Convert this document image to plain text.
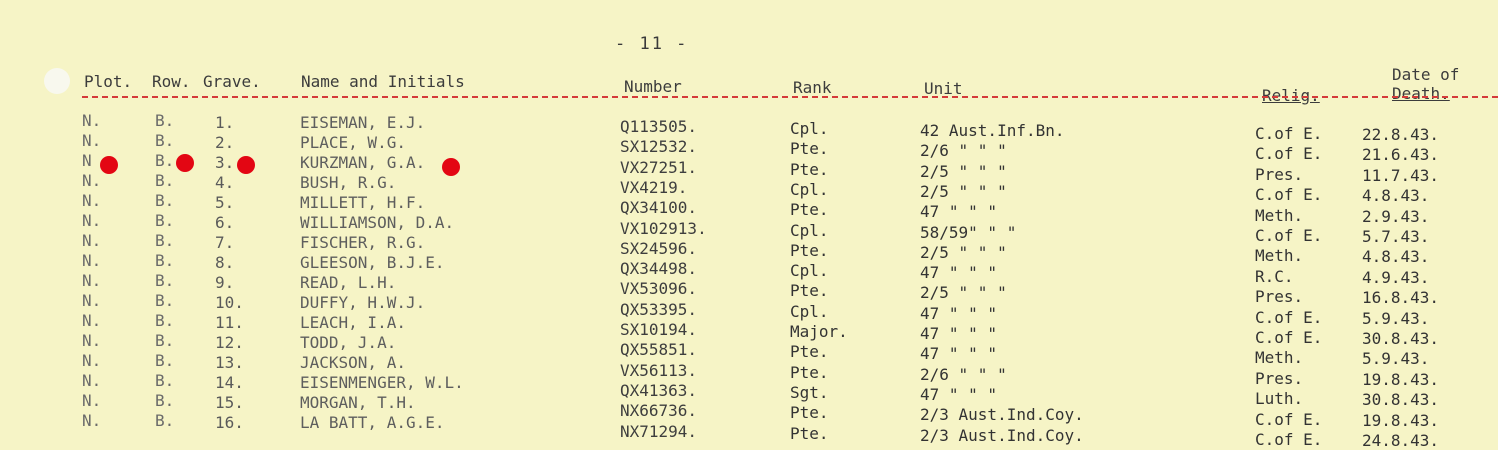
- 11 -
Plot. Row. Grave.	Name and Initials	Number	Rank	Unit	Relig.
Date of
Death.
N.	B.	1.	EISEMAN, E.J.	Q113505.	Cpl.	42 Aust.Inf.Bn.	C.of E. 22.8.43.
N.	B.	2.	PLACE, W.G.	SX12532.	Pte.	2/6 " " "	C.of E. 21.6.43.
N	B.	3.	KURZMAN, G.A.	VX27251.	Pte.	2/5 " " "	Pres.	11.7.43.
N.	B.	4.	BUSH, R.G.	VX4219.	Cpl.	2/5 " " "	C.of E. 4.8.43.
N.	B.	5.	MILLETT, H.F.	QX34100.	Pte.	47 " " "	Meth.	2.9.43.
N.	B.	6.	WILLIAMSON, D.A.	VX102913.	Cpl.	58/59" " "	C.of E. 5.7.43.
N.	B.	7.	FISCHER, R.G.	SX24596.	Pte.	2/5 " " "	Meth.	4.8.43.
N.	B.	8.	GLEESON, B.J.E.	QX34498.	Cpl.	47 " " "	R.C.	4.9.43.
N.	B.	9.	READ, L.H.	VX53096.	Pte.	2/5 " " "	Pres.	16.8.43.
N.	B.	10.	DUFFY, H.W.J.	QX53395.	Cpl.	47 " " "	C.of E. 5.9.43.
N.	B.	11.	LEACH, I.A.	SX10194.	Major.	47 " " "	C.of E. 30.8.43.
N.	B.	12.	TODD, J.A.	QX55851.	Pte.	47 " " "	Meth.	5.9.43.
N.	B.	13.	JACKSON, A.	VX56113.	Pte.	2/6 " " "	Pres.	19.8.43.
N.	B.	14.	EISENMENGER, W.L.	QX41363.	Sgt.	47 " " "	Luth.	30.8.43.
N.	B.	15.	MORGAN, T.H.	NX66736.	Pte.	2/3 Aust.Ind.Coy.	C.of E. 19.8.43.
N.	B.	16.	LA BATT, A.G.E.	NX71294.	Pte.	2/3 Aust.Ind.Coy.	C.of E. 24.8.43.
